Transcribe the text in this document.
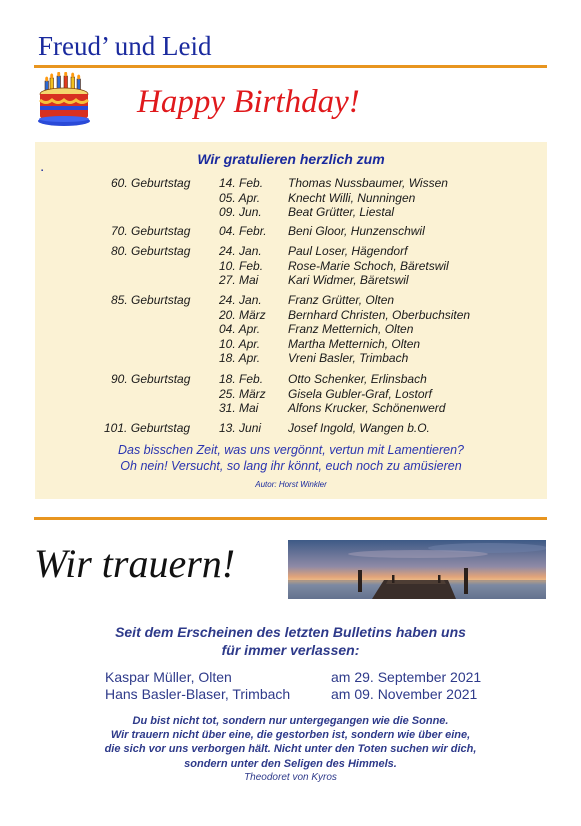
Freud’ und Leid
Happy Birthday!
Wir gratulieren herzlich zum
▪
60. Geburtstag 14. Feb. Thomas Nussbaumer, Wissen
05. Apr. Knecht Willi, Nunningen
09. Jun. Beat Grütter, Liestal
70. Geburtstag 04. Febr. Beni Gloor, Hunzenschwil
80. Geburtstag 24. Jan. Paul Loser, Hägendorf
10. Feb. Rose-Marie Schoch, Bäretswil
27. Mai Kari Widmer, Bäretswil
85. Geburtstag 24. Jan. Franz Grütter, Olten
20. März Bernhard Christen, Oberbuchsiten
04. Apr. Franz Metternich, Olten
10. Apr. Martha Metternich, Olten
18. Apr. Vreni Basler, Trimbach
90. Geburtstag 18. Feb. Otto Schenker, Erlinsbach
25. März Gisela Gubler-Graf, Lostorf
31. Mai Alfons Krucker, Schönenwerd
101. Geburtstag 13. Juni Josef Ingold, Wangen b.O.
Das bisschen Zeit, was uns vergönnt, vertun mit Lamentieren?
Oh nein! Versucht, so lang ihr könnt, euch noch zu amüsieren
Autor: Horst Winkler
Wir trauern!
Seit dem Erscheinen des letzten Bulletins haben uns
für immer verlassen:
Kaspar Müller, Olten	am 29. September 2021
Hans Basler-Blaser, Trimbach	am 09. November 2021
Du bist nicht tot, sondern nur untergegangen wie die Sonne.
Wir trauern nicht über eine, die gestorben ist, sondern wie über eine,
die sich vor uns verborgen hält. Nicht unter den Toten suchen wir dich,
sondern unter den Seligen des Himmels.
Theodoret von Kyros
